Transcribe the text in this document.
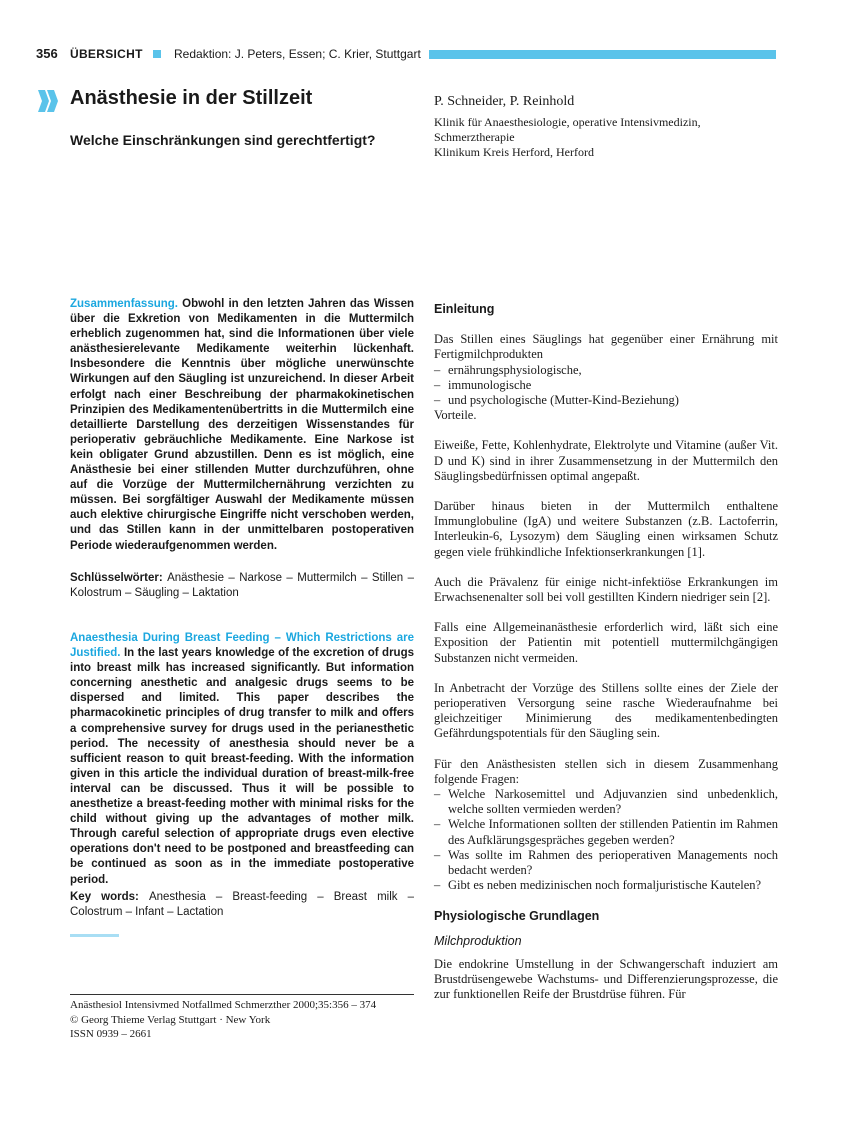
356 ÜBERSICHT	Redaktion: J. Peters, Essen; C. Krier, Stuttgart
Anästhesie in der Stillzeit
Welche Einschränkungen sind gerechtfertigt?
P. Schneider, P. Reinhold
Klinik für Anaesthesiologie, operative Intensivmedizin,
Schmerztherapie
Klinikum Kreis Herford, Herford
Zusammenfassung. Obwohl in den letzten Jahren das Wissen über die Exkretion von Medikamenten in die Muttermilch erheblich zugenommen hat, sind die Informationen über viele anästhesierelevante Medikamente weiterhin lückenhaft. Insbesondere die Kenntnis über mögliche unerwünschte Wirkungen auf den Säugling ist unzureichend. In dieser Arbeit erfolgt nach einer Beschreibung der pharmakokinetischen Prinzipien des Medikamentenübertritts in die Muttermilch eine detaillierte Darstellung des derzeitigen Wissenstandes für perioperativ gebräuchliche Medikamente. Eine Narkose ist kein obligater Grund abzustillen. Denn es ist möglich, eine Anästhesie bei einer stillenden Mutter durchzuführen, ohne auf die Vorzüge der Muttermilchernährung verzichten zu müssen. Bei sorgfältiger Auswahl der Medikamente müssen auch elektive chirurgische Eingriffe nicht verschoben werden, und das Stillen kann in der unmittelbaren postoperativen Periode wiederaufgenommen werden.
Schlüsselwörter: Anästhesie – Narkose – Muttermilch – Stillen – Kolostrum – Säugling – Laktation
Anaesthesia During Breast Feeding – Which Restrictions are Justified. In the last years knowledge of the excretion of drugs into breast milk has increased significantly. But information concerning anesthetic and analgesic drugs seems to be dispersed and limited. This paper describes the pharmacokinetic principles of drug transfer to milk and offers a comprehensive survey for drugs used in the perianesthetic period. The necessity of anesthesia should never be a sufficient reason to quit breast-feeding. With the information given in this article the individual duration of breast-milk-free interval can be discussed. Thus it will be possible to anesthetize a breast-feeding mother with minimal risks for the child without giving up the advantages of mother milk. Through careful selection of appropriate drugs even elective operations don't need to be postponed and breastfeeding can be continued as soon as in the immediate postoperative period.
Key words: Anesthesia – Breast-feeding – Breast milk – Colostrum – Infant – Lactation
Anästhesiol Intensivmed Notfallmed Schmerzther 2000;35:356 – 374
© Georg Thieme Verlag Stuttgart · New York
ISSN 0939 – 2661
Einleitung
Das Stillen eines Säuglings hat gegenüber einer Ernährung mit Fertigmilchprodukten
– ernährungsphysiologische,
– immunologische
– und psychologische (Mutter-Kind-Beziehung)
Vorteile.

Eiweiße, Fette, Kohlenhydrate, Elektrolyte und Vitamine (außer Vit. D und K) sind in ihrer Zusammensetzung in der Muttermilch den Säuglingsbedürfnissen optimal angepaßt.

Darüber hinaus bieten in der Muttermilch enthaltene Immunglobuline (IgA) und weitere Substanzen (z.B. Lactoferrin, Interleukin-6, Lysozym) dem Säugling einen wirksamen Schutz gegen viele frühkindliche Infektionserkrankungen [1].

Auch die Prävalenz für einige nicht-infektiöse Erkrankungen im Erwachsenenalter soll bei voll gestillten Kindern niedriger sein [2].

Falls eine Allgemeinanästhesie erforderlich wird, läßt sich eine Exposition der Patientin mit potentiell muttermilchgängigen Substanzen nicht vermeiden.

In Anbetracht der Vorzüge des Stillens sollte eines der Ziele der perioperativen Versorgung seine rasche Wiederaufnahme bei gleichzeitiger Minimierung des medikamentenbedingten Gefährdungspotentials für den Säugling sein.

Für den Anästhesisten stellen sich in diesem Zusammenhang folgende Fragen:
– Welche Narkosemittel und Adjuvanzien sind unbedenklich, welche sollten vermieden werden?
– Welche Informationen sollten der stillenden Patientin im Rahmen des Aufklärungsgespräches gegeben werden?
– Was sollte im Rahmen des perioperativen Managements noch bedacht werden?
– Gibt es neben medizinischen noch formaljuristische Kautelen?
Physiologische Grundlagen
Milchproduktion

Die endokrine Umstellung in der Schwangerschaft induziert am Brustdrüsengewebe Wachstums- und Differenzierungsprozesse, die zur funktionellen Reife der Brustdrüse führen. Für
